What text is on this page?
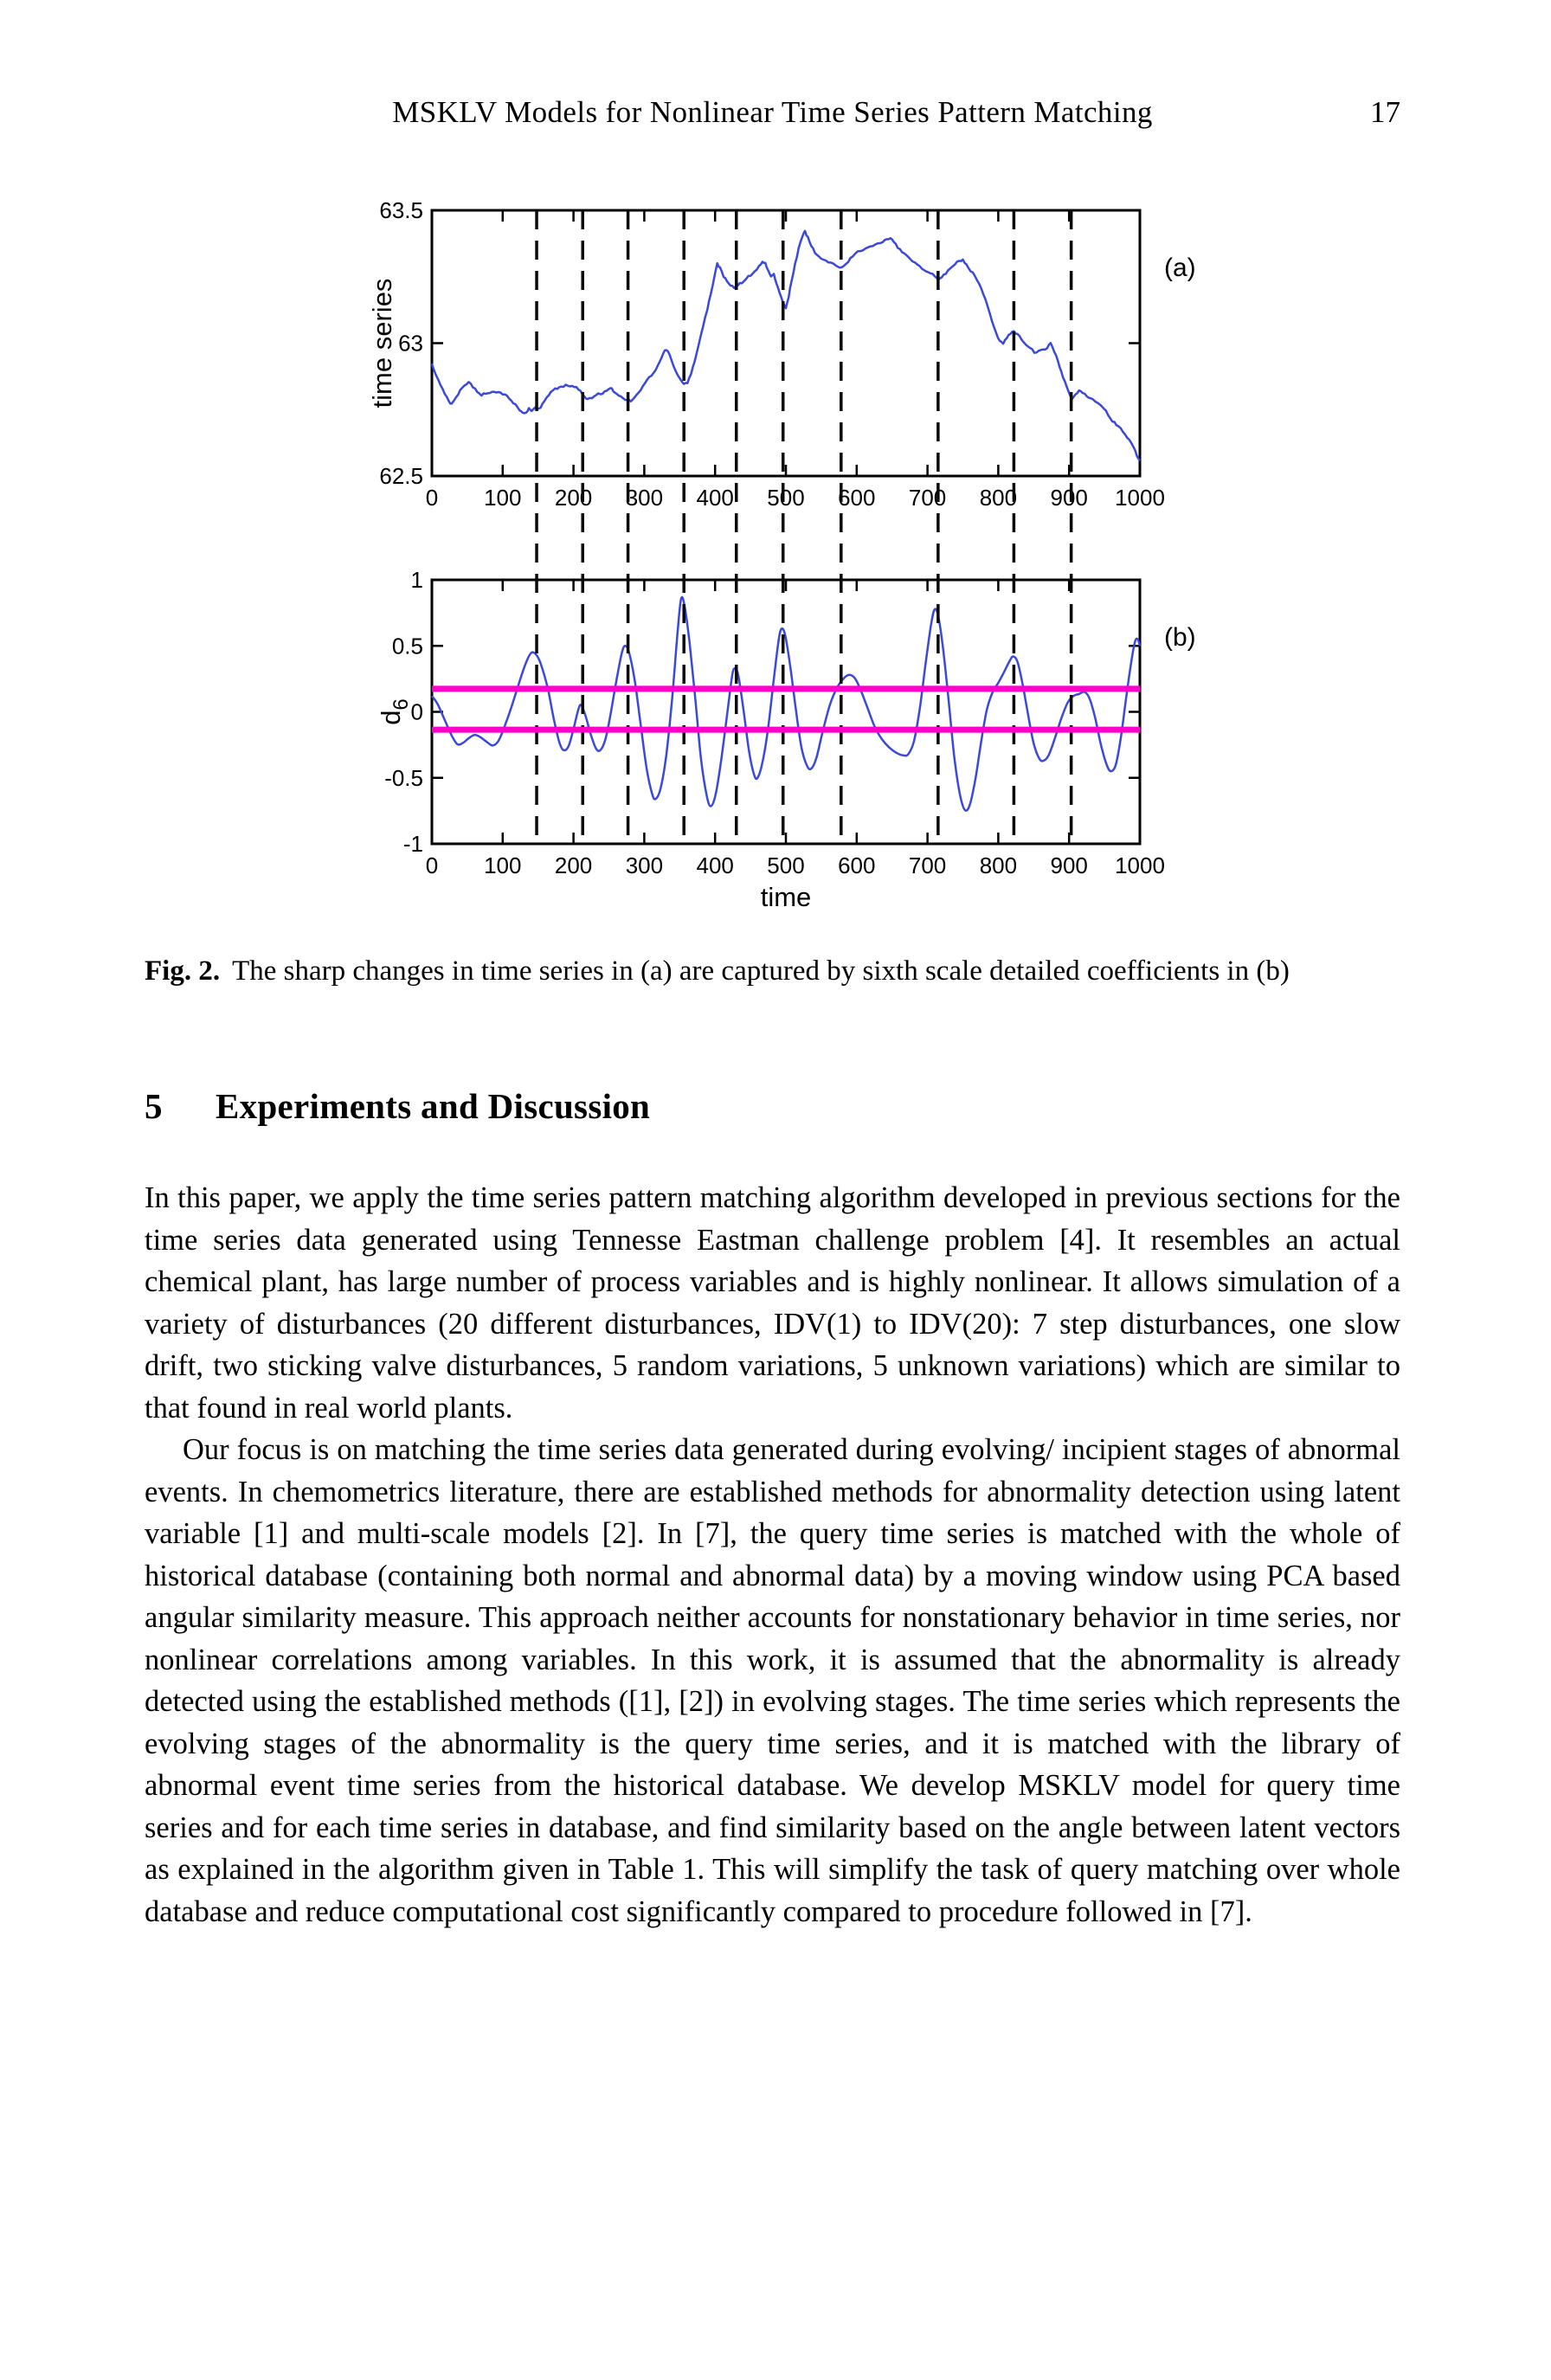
MSKLV Models for Nonlinear Time Series Pattern Matching	17
0 100 200 300 400 500 600 700 800 900 1000
62.5
63
63.5
time series
(a)
0 100 200 300 400 500 600 700 800 900 1000
-1
-0.5
0
0.5
1
$d_6$
time
(b)
Fig. 2. The sharp changes in time series in (a) are captured by sixth scale detailed coefficients in (b)
5 Experiments and Discussion

In this paper, we apply the time series pattern matching algorithm developed in previous sections for the time series data generated using Tennesse Eastman challenge problem [4]. It resembles an actual chemical plant, has large number of process variables and is highly nonlinear. It allows simulation of a variety of disturbances (20 different disturbances, IDV(1) to IDV(20): 7 step disturbances, one slow drift, two sticking valve disturbances, 5 random variations, 5 unknown variations) which are similar to that found in real world plants.

Our focus is on matching the time series data generated during evolving/ incipient stages of abnormal events. In chemometrics literature, there are established methods for abnormality detection using latent variable [1] and multi-scale models [2]. In [7], the query time series is matched with the whole of historical database (containing both normal and abnormal data) by a moving window using PCA based angular similarity measure. This approach neither accounts for nonstationary behavior in time series, nor nonlinear correlations among variables. In this work, it is assumed that the abnormality is already detected using the established methods ([1], [2]) in evolving stages. The time series which represents the evolving stages of the abnormality is the query time series, and it is matched with the library of abnormal event time series from the historical database. We develop MSKLV model for query time series and for each time series in database, and find similarity based on the angle between latent vectors as explained in the algorithm given in Table 1. This will simplify the task of query matching over whole database and reduce computational cost significantly compared to procedure followed in [7].
